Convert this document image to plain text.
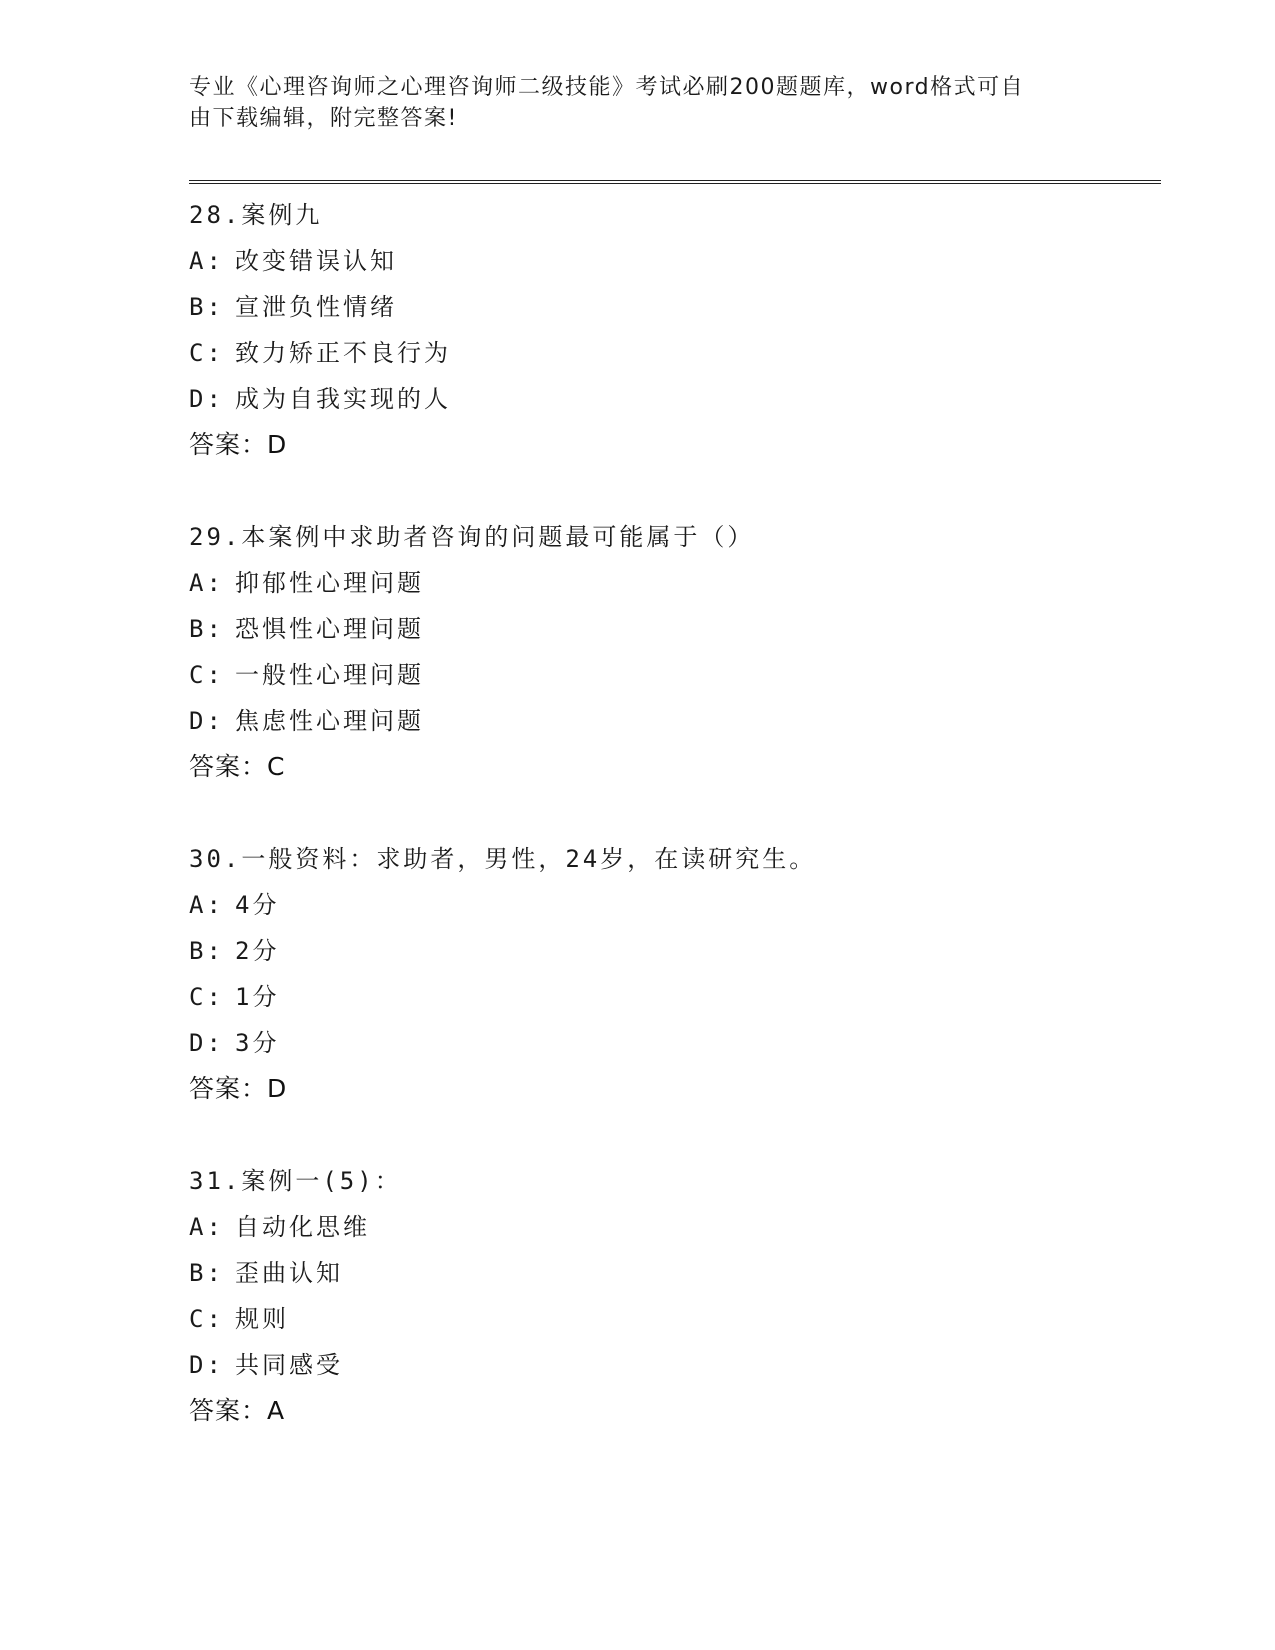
专业《心理咨询师之心理咨询师二级技能》考试必刷200题题库，word格式可自
由下载编辑，附完整答案!
28.案例九
A: 改变错误认知
B: 宣泄负性情绪
C: 致力矫正不良行为
D: 成为自我实现的人
答案：D
29.本案例中求助者咨询的问题最可能属于（）
A: 抑郁性心理问题
B: 恐惧性心理问题
C: 一般性心理问题
D: 焦虑性心理问题
答案：C
30.一般资料：求助者，男性，24岁，在读研究生。
A: 4分
B: 2分
C: 1分
D: 3分
答案：D
31.案例一(5)：
A: 自动化思维
B: 歪曲认知
C: 规则
D: 共同感受
答案：A
